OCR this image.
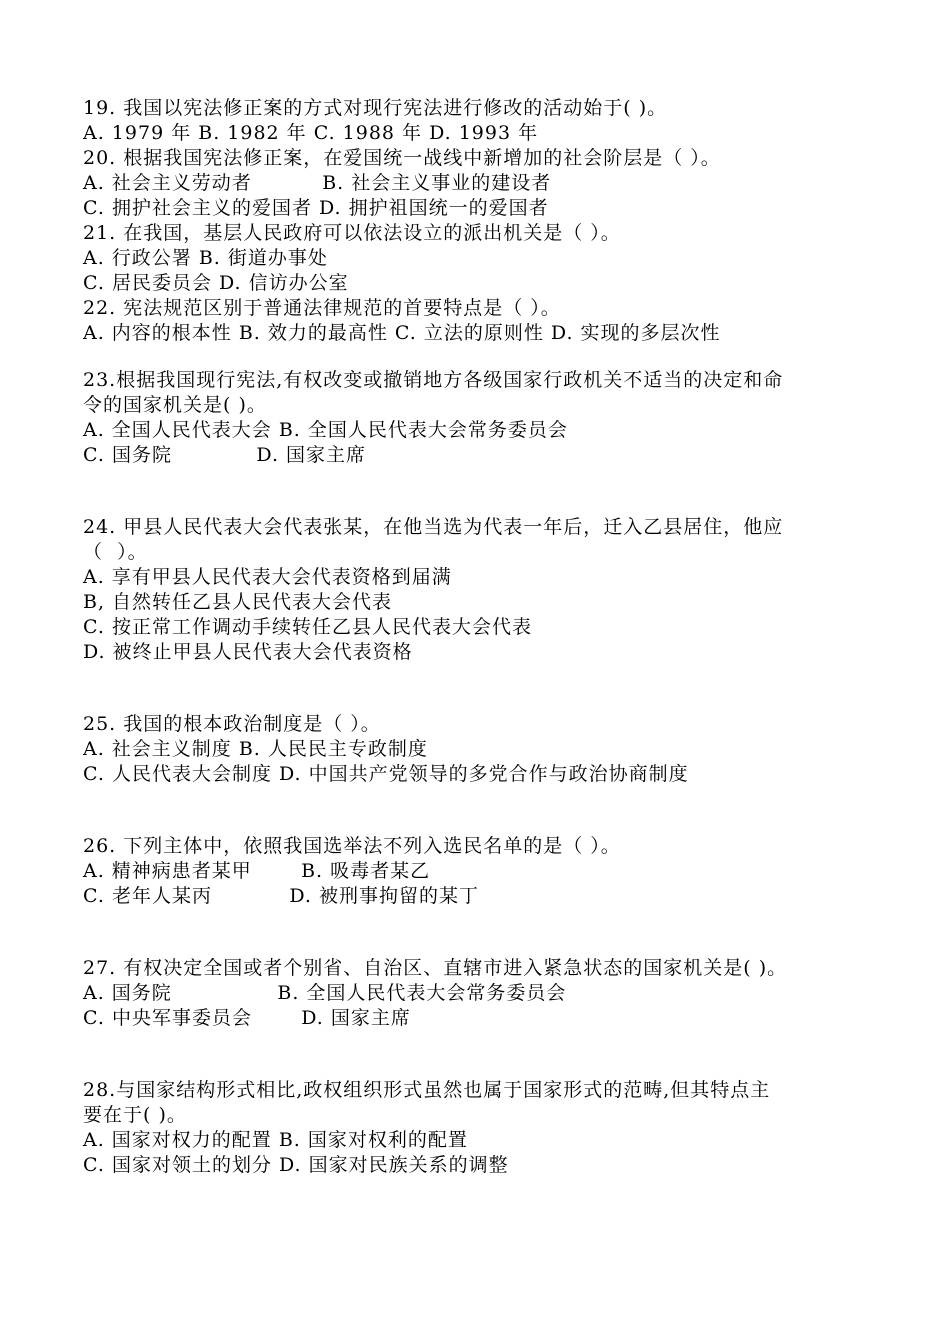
19. 我国以宪法修正案的方式对现行宪法进行修改的活动始于( )。
A. 1979 年 B. 1982 年 C. 1988 年 D. 1993 年
20. 根据我国宪法修正案，在爱国统一战线中新增加的社会阶层是（ ）。
A. 社会主义劳动者          B. 社会主义事业的建设者
C. 拥护社会主义的爱国者 D. 拥护祖国统一的爱国者
21. 在我国，基层人民政府可以依法设立的派出机关是（ ）。
A. 行政公署 B. 街道办事处
C. 居民委员会 D. 信访办公室
22. 宪法规范区别于普通法律规范的首要特点是（ ）。
A. 内容的根本性 B. 效力的最高性 C. 立法的原则性 D. 实现的多层次性
23.根据我国现行宪法,有权改变或撤销地方各级国家行政机关不适当的决定和命
令的国家机关是( )。
A. 全国人民代表大会 B. 全国人民代表大会常务委员会
C. 国务院            D. 国家主席
24. 甲县人民代表大会代表张某，在他当选为代表一年后，迁入乙县居住，他应
（  ）。
A. 享有甲县人民代表大会代表资格到届满
B, 自然转任乙县人民代表大会代表
C. 按正常工作调动手续转任乙县人民代表大会代表
D. 被终止甲县人民代表大会代表资格
25. 我国的根本政治制度是（ ）。
A. 社会主义制度 B. 人民民主专政制度
C. 人民代表大会制度 D. 中国共产党领导的多党合作与政治协商制度
26. 下列主体中，依照我国选举法不列入选民名单的是（ ）。
A. 精神病患者某甲       B. 吸毒者某乙
C. 老年人某丙           D. 被刑事拘留的某丁
27. 有权决定全国或者个别省、自治区、直辖市进入紧急状态的国家机关是( )。
A. 国务院               B. 全国人民代表大会常务委员会
C. 中央军事委员会       D. 国家主席
28.与国家结构形式相比,政权组织形式虽然也属于国家形式的范畴,但其特点主
要在于( )。
A. 国家对权力的配置 B. 国家对权利的配置
C. 国家对领土的划分 D. 国家对民族关系的调整
